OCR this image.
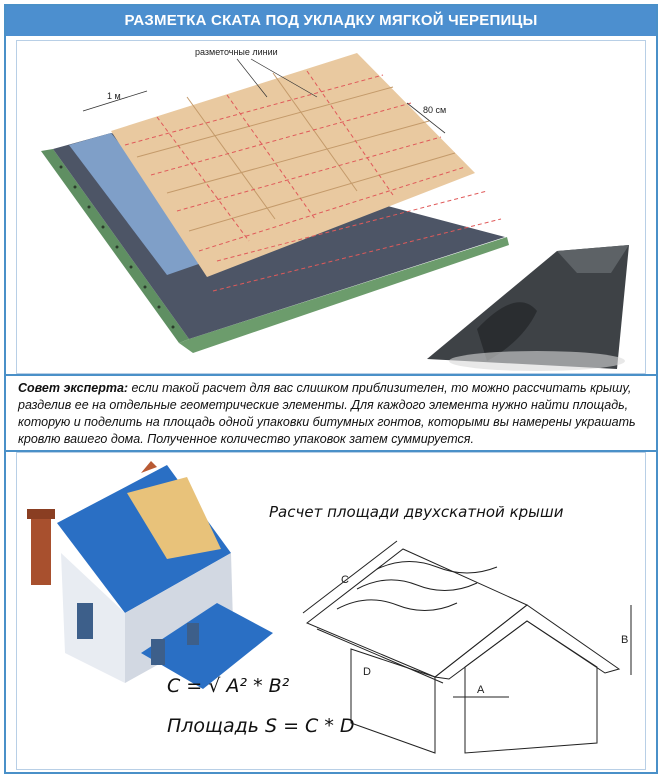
РАЗМЕТКА СКАТА ПОД УКЛАДКУ МЯГКОЙ ЧЕРЕПИЦЫ
1 м
80 см
разметочные линии
Совет эксперта: если такой расчет для вас слишком приблизителен, то можно рассчитать крышу, разделив ее на отдельные геометрические элементы. Для каждого элемента нужно найти площадь, которую и поделить на площадь одной упаковки битумных гонтов, которыми вы намерены украшать кровлю вашего дома. Полученное количество упаковок затем суммируется.
C
D
A
B
Расчет площади двухскатной крыши
C = √ A² * B²
Площадь S = C * D
